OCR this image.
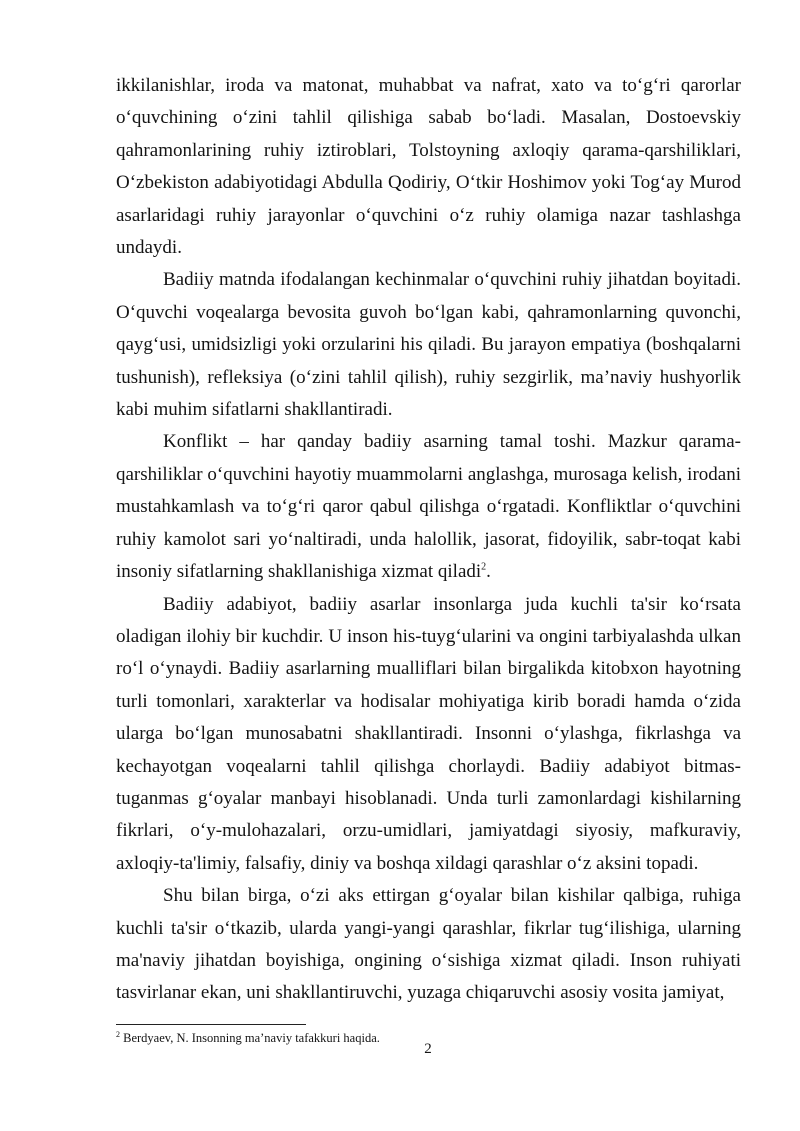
ikkilanishlar, iroda va matonat, muhabbat va nafrat, xato va to‘g‘ri qarorlar o‘quvchining o‘zini tahlil qilishiga sabab bo‘ladi. Masalan, Dostoevskiy qahramonlarining ruhiy iztiroblari, Tolstoyning axloqiy qarama-qarshiliklari, O‘zbekiston adabiyotidagi Abdulla Qodiriy, O‘tkir Hoshimov yoki Tog‘ay Murod asarlaridagi ruhiy jarayonlar o‘quvchini o‘z ruhiy olamiga nazar tashlashga undaydi.

Badiiy matnda ifodalangan kechinmalar o‘quvchini ruhiy jihatdan boyitadi. O‘quvchi voqealarga bevosita guvoh bo‘lgan kabi, qahramonlarning quvonchi, qayg‘usi, umidsizligi yoki orzularini his qiladi. Bu jarayon empatiya (boshqalarni tushunish), refleksiya (o‘zini tahlil qilish), ruhiy sezgirlik, ma’naviy hushyorlik kabi muhim sifatlarni shakllantiradi.

Konflikt – har qanday badiiy asarning tamal toshi. Mazkur qarama-qarshiliklar o‘quvchini hayotiy muammolarni anglashga, murosaga kelish, irodani mustahkamlash va to‘g‘ri qaror qabul qilishga o‘rgatadi. Konfliktlar o‘quvchini ruhiy kamolot sari yo‘naltiradi, unda halollik, jasorat, fidoyilik, sabr-toqat kabi insoniy sifatlarning shakllanishiga xizmat qiladi$^2$.

Badiiy adabiyot, badiiy asarlar insonlarga juda kuchli ta'sir ko‘rsata oladigan ilohiy bir kuchdir. U inson his-tuyg‘ularini va ongini tarbiyalashda ulkan ro‘l o‘ynaydi. Badiiy asarlarning mualliflari bilan birgalikda kitobxon hayotning turli tomonlari, xarakterlar va hodisalar mohiyatiga kirib boradi hamda o‘zida ularga bo‘lgan munosabatni shakllantiradi. Insonni o‘ylashga, fikrlashga va kechayotgan voqealarni tahlil qilishga chorlaydi. Badiiy adabiyot bitmas-tuganmas g‘oyalar manbayi hisoblanadi. Unda turli zamonlardagi kishilarning fikrlari, o‘y-mulohazalari, orzu-umidlari, jamiyatdagi siyosiy, mafkuraviy, axloqiy-ta'limiy, falsafiy, diniy va boshqa xildagi qarashlar o‘z aksini topadi.

Shu bilan birga, o‘zi aks ettirgan g‘oyalar bilan kishilar qalbiga, ruhiga kuchli ta'sir o‘tkazib, ularda yangi-yangi qarashlar, fikrlar tug‘ilishiga, ularning ma'naviy jihatdan boyishiga, ongining o‘sishiga xizmat qiladi. Inson ruhiyati tasvirlanar ekan, uni shakllantiruvchi, yuzaga chiqaruvchi asosiy vosita jamiyat,

$^2$ Berdyaev, N. Insonning ma’naviy tafakkuri haqida.
2
